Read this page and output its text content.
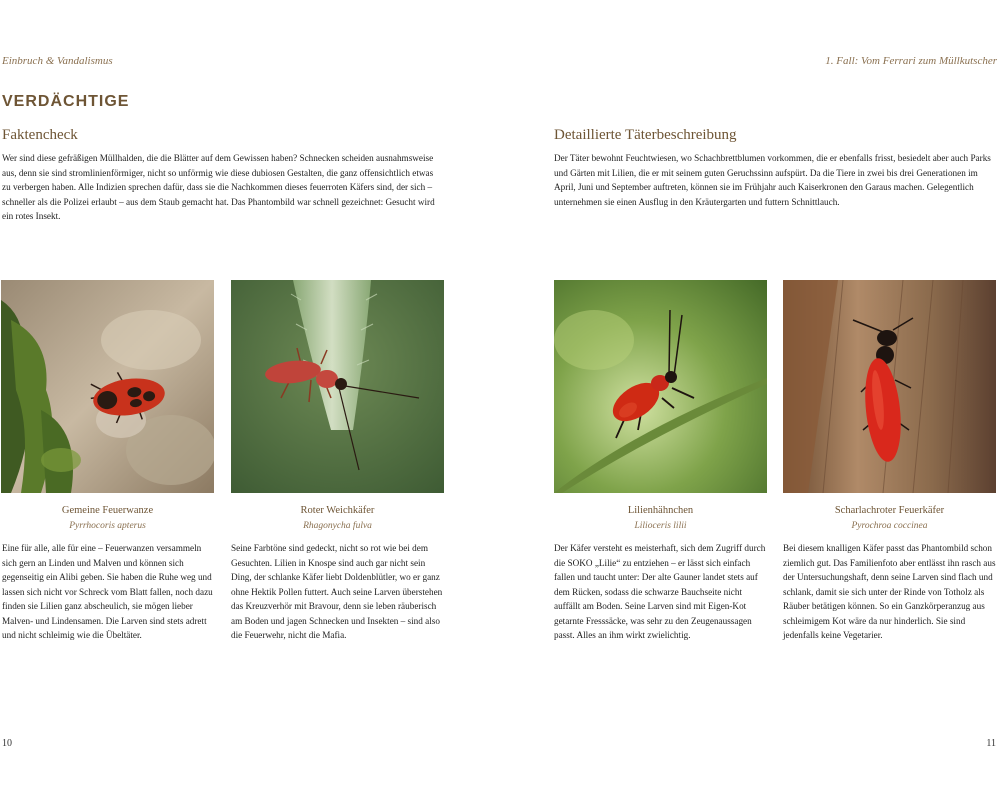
Einbruch & Vandalismus	1. Fall: Vom Ferrari zum Müllkutscher
VERDÄCHTIGE
Faktencheck

Wer sind diese gefräßigen Müllhalden, die die Blätter auf dem Gewissen haben? Schnecken scheiden ausnahmsweise aus, denn sie sind stromlinienförmiger, nicht so unförmig wie diese dubiosen Gestalten, die ganz offensichtlich etwas zu verbergen haben. Alle Indizien sprechen dafür, dass sie die Nachkommen dieses feuerroten Käfers sind, der sich – schneller als die Polizei erlaubt – aus dem Staub gemacht hat. Das Phantombild war schnell gezeichnet: Gesucht wird ein rotes Insekt.

Detaillierte Täterbeschreibung

Der Täter bewohnt Feuchtwiesen, wo Schachbrettblumen vorkommen, die er ebenfalls frisst, besiedelt aber auch Parks und Gärten mit Lilien, die er mit seinem guten Geruchssinn aufspürt. Da die Tiere in zwei bis drei Generationen im April, Juni und September auftreten, können sie im Frühjahr auch Kaiserkronen den Garaus machen. Gelegentlich unternehmen sie einen Ausflug in den Kräutergarten und futtern Schnittlauch.

Gemeine Feuerwanze
Pyrrhocoris apterus
Roter Weichkäfer
Rhagonycha fulva
Lilienhähnchen
Lilioceris lilii
Scharlachroter Feuerkäfer
Pyrochroa coccinea

Eine für alle, alle für eine – Feuerwanzen versammeln sich gern an Linden und Malven und können sich gegenseitig ein Alibi geben. Sie haben die Ruhe weg und lassen sich nicht vor Schreck vom Blatt fallen, noch dazu finden sie Lilien ganz abscheulich, sie mögen lieber Malven- und Lindensamen. Die Larven sind stets adrett und nicht schleimig wie die Übeltäter.

Seine Farbtöne sind gedeckt, nicht so rot wie bei dem Gesuchten. Lilien in Knospe sind auch gar nicht sein Ding, der schlanke Käfer liebt Doldenblütler, wo er ganz ohne Hektik Pollen futtert. Auch seine Larven überstehen das Kreuzverhör mit Bravour, denn sie leben räuberisch am Boden und jagen Schnecken und Insekten – sind also die Feuerwehr, nicht die Mafia.

Der Käfer versteht es meisterhaft, sich dem Zugriff durch die SOKO „Lilie“ zu entziehen – er lässt sich einfach fallen und taucht unter: Der alte Gauner landet stets auf dem Rücken, sodass die schwarze Bauchseite nicht auffällt am Boden. Seine Larven sind mit Eigen-Kot getarnte Fresssäcke, was sehr zu den Zeugenaussagen passt. Alles an ihm wirkt zwielichtig.

Bei diesem knalligen Käfer passt das Phantombild schon ziemlich gut. Das Familienfoto aber entlässt ihn rasch aus der Untersuchungshaft, denn seine Larven sind flach und schlank, damit sie sich unter der Rinde von Totholz als Räuber betätigen können. So ein Ganzkörperanzug aus schleimigem Kot wäre da nur hinderlich. Sie sind jedenfalls keine Vegetarier.

10	11
